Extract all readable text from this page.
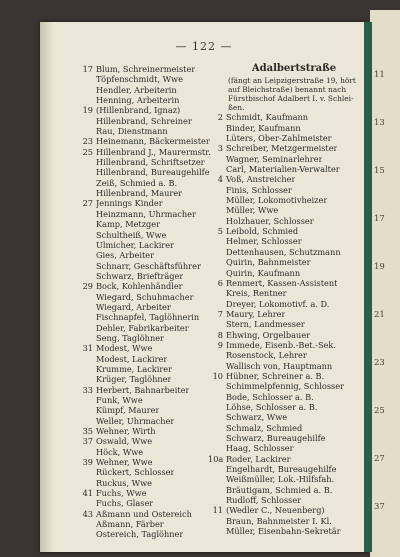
11
13
15
17
19
21
23
25
27
37
— 122 —
17 Blum, Schreinermeister
Töpfenschmidt, Wwe
Hendler, Arbeiterin
Henning, Arbeiterin
19 (Hillenbrand, Ignaz)
Hillenbrand, Schreiner
Rau, Dienstmann
23 Heinemann, Bäckermeister
25 Hillenbrand J., Maurermstr.
Hillenbrand, Schriftsetzer
Hillenbrand, Bureaugehilfe
Zeiß, Schmied a. B.
Hillenbrand, Maurer
27 Jennings Kinder
Heinzmann, Uhrmacher
Kamp, Metzger
Schultheiß, Wwe
Ulmicher, Lackirer
Gies, Arbeiter
Schnarr, Geschäftsführer
Schwarz, Briefträger
29 Bock, Kohlenhändler
Wiegard, Schuhmacher
Wiegard, Arbeiter
Fischnapfel, Taglöhnerin
Dehler, Fabrikarbeiter
Seng, Taglöhner
31 Modest, Wwe
Modest, Lackirer
Krumme, Lackirer
Krüger, Taglöhner
33 Herbert, Bahnarbeiter
Funk, Wwe
Kümpf, Maurer
Weller, Uhrmacher
35 Wehner, Wirth
37 Oswald, Wwe
Höck, Wwe
39 Wehner, Wwe
Rückert, Schlosser
Ruckus, Wwe
41 Fuchs, Wwe
Fuchs, Glaser
43 Aßmann und Ostereich
Aßmann, Färber
Ostereich, Taglöhner
Adalbertstraße
(fängt an Leipzigerstraße 19, hört
auf Bleichstraße) benannt nach
Fürstbischof Adalbert I. v. Schlei-
ßen.
2 Schmidt, Kaufmann
Binder, Kaufmann
Lüters, Ober-Zahlmeister
3 Schreiber, Metzgermeister
Wagner, Seminarlehrer
Carl, Materialien-Verwalter
4 Voß, Anstreicher
Finis, Schlosser
Müller, Lokomotivheizer
Müller, Wwe
Holzhauer, Schlosser
5 Leibold, Schmied
Helmer, Schlosser
Dettenhausen, Schutzmann
Quirin, Bahnmeister
Quirin, Kaufmann
6 Renmert, Kassen-Assistent
Kreis, Rentner
Dreyer, Lokomotivf. a. D.
7 Maury, Lehrer
Stern, Landmesser
8 Ehwing, Orgelbauer
9 Immede, Eisenb.-Bet.-Sek.
Rosenstock, Lehrer
Wallisch von, Hauptmann
10 Hübner, Schreiner a. B.
Schimmelpfennig, Schlosser
Bode, Schlosser a. B.
Löhse, Schlosser a. B.
Schwarz, Wwe
Schmalz, Schmied
Schwarz, Bureaugehilfe
Haag, Schlosser
10a Roder, Lackirer
Engelhardt, Bureaugehilfe
Weißmüller, Lok.-Hilfsfah.
Bräutigam, Schmied a. B.
Rudloff, Schlosser
11 (Wedler C., Neuenberg)
Braun, Bahnmeister I. Kl.
Müller, Eisenbahn-Sekretär
